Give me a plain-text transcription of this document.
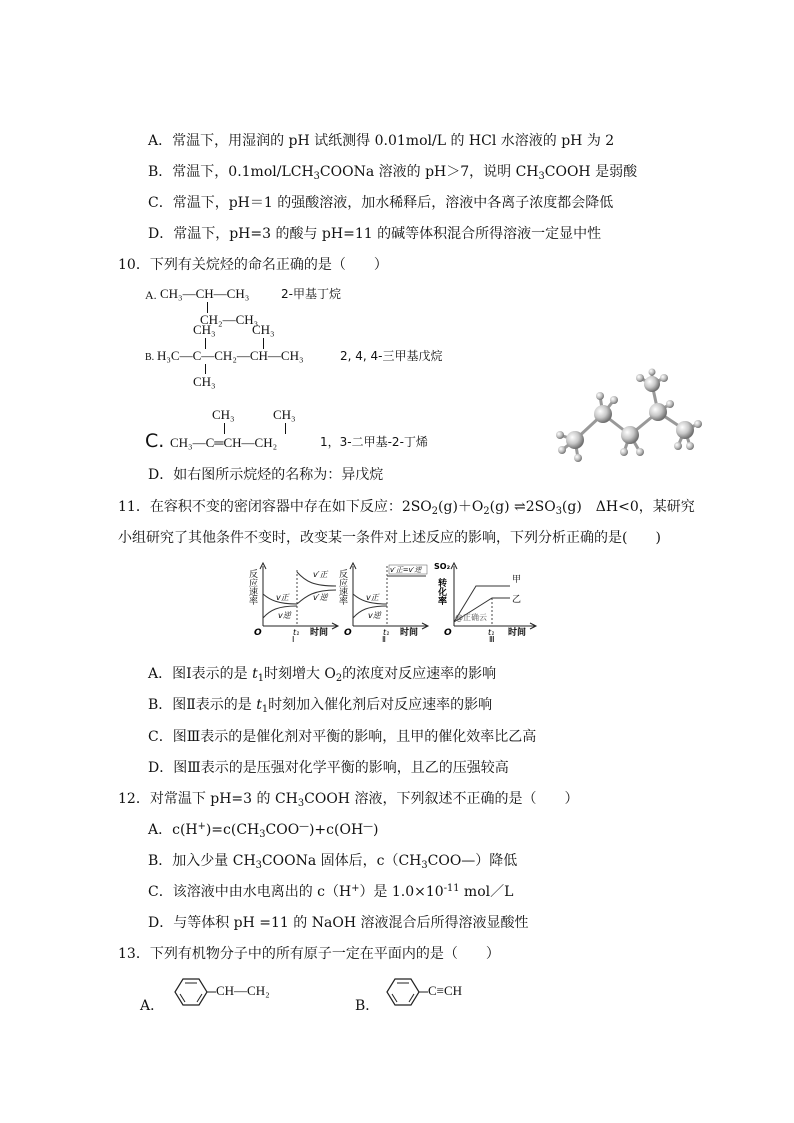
A．常温下，用湿润的 pH 试纸测得 0.01mol/L 的 HCl 水溶液的 pH 为 2
B．常温下，$0.1mol/LCH_3COONa$ 溶液的 pH＞7，说明 $CH_3COOH$ 是弱酸
C．常温下，pH＝1 的强酸溶液，加水稀释后，溶液中各离子浓度都会降低
D．常温下，pH=3 的酸与 pH=11 的碱等体积混合所得溶液一定显中性
10．下列有关烷烃的命名正确的是（　　）
A. CH₃—CH—CH₃	2-甲基丁烷
CH₂—CH₃
CH₃	CH₃
B. H₃C—C—CH₂—CH—CH₃	2, 4, 4-三甲基戊烷
CH₃
CH₃	CH₃
C. CH₃—C═CH—CH₂	1，3-二甲基-2-丁烯
D．如右图所示烷烃的名称为：异戊烷
11．在容积不变的密闭容器中存在如下反应：$2SO_2(g)+O_2(g)$ $\rightleftharpoons 2SO_3(g)$　ΔH<0，某研究
小组研究了其他条件不变时，改变某一条件对上述反应的影响，下列分析正确的是(　　)
反应速率	v′正
v′逆
v正
v逆
O	t₁ 时间
Ⅰ
反应速率	v′正=v′逆
v正
v逆
O	t₁ 时间
Ⅱ
SO₂
转化率	甲
乙
@正确云
O	t₁ 时间
Ⅲ
A．图Ⅰ表示的是 $t_1$时刻增大 $O_2$的浓度对反应速率的影响
B．图Ⅱ表示的是 $t_1$时刻加入催化剂后对反应速率的影响
C．图Ⅲ表示的是催化剂对平衡的影响，且甲的催化效率比乙高
D．图Ⅲ表示的是压强对化学平衡的影响，且乙的压强较高
12．对常温下 pH=3 的 $CH_3COOH$ 溶液，下列叙述不正确的是（　　）
A．$c(H^+)=c(CH_3COO^—)+c(OH^—)$
B．加入少量 $CH_3COONa$ 固体后，$c(CH_3COO—)$降低
C．该溶液中由水电离出的 c（H+）是 $1.0\times 10^{-11}$ mol／L
D．与等体积 pH =11 的 NaOH 溶液混合后所得溶液显酸性
13．下列有机物分子中的所有原子一定在平面内的是（　　）
A．
CH—CH₂
B．
C≡CH
